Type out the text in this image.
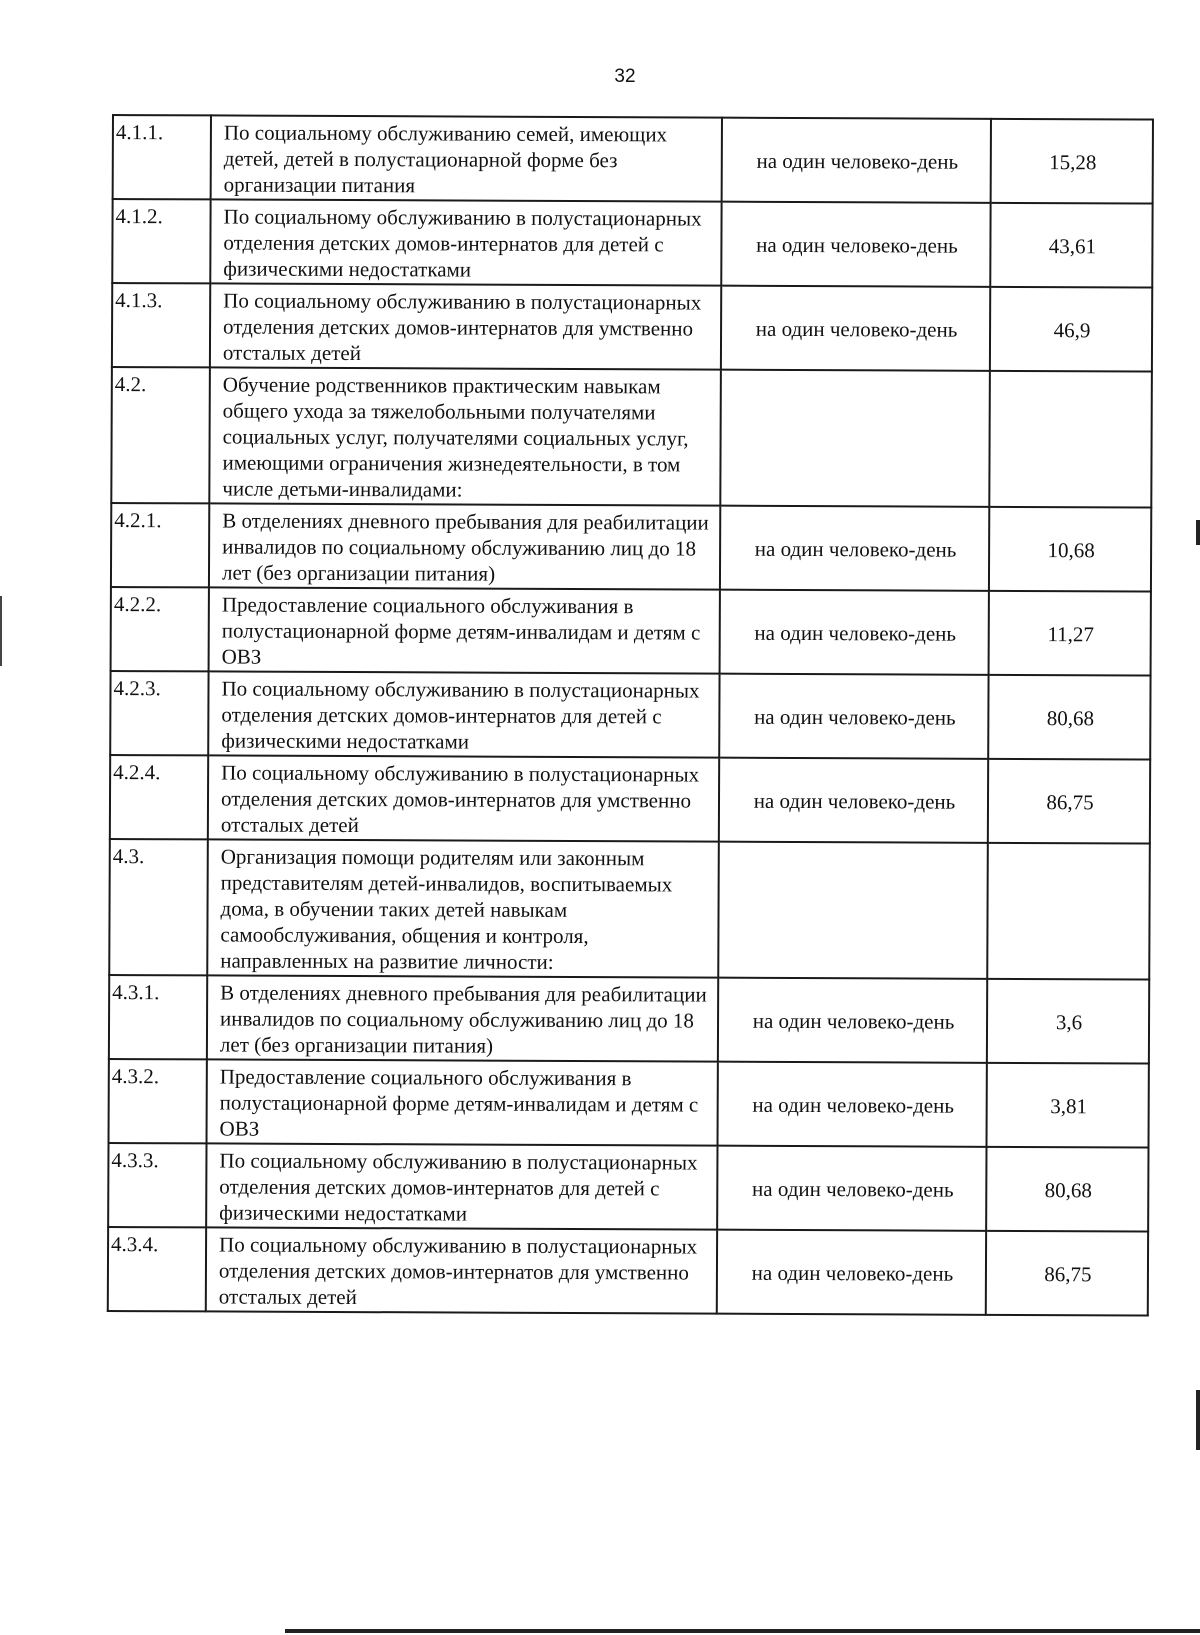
32
4.1.1.	По социальному обслуживанию семей, имеющих детей, детей в полустационарной форме без организации питания	на один человеко-день	15,28
4.1.2.	По социальному обслуживанию в полустационарных отделения детских домов-интернатов для детей с физическими недостатками	на один человеко-день	43,61
4.1.3.	По социальному обслуживанию в полустационарных отделения детских домов-интернатов для умственно отсталых детей	на один человеко-день	46,9
4.2.	Обучение родственников практическим навыкам общего ухода за тяжелобольными получателями социальных услуг, получателями социальных услуг, имеющими ограничения жизнедеятельности, в том числе детьми-инвалидами:		
4.2.1.	В отделениях дневного пребывания для реабилитации инвалидов по социальному обслуживанию лиц до 18 лет (без организации питания)	на один человеко-день	10,68
4.2.2.	Предоставление социального обслуживания в полустационарной форме детям-инвалидам и детям с ОВЗ	на один человеко-день	11,27
4.2.3.	По социальному обслуживанию в полустационарных отделения детских домов-интернатов для детей с физическими недостатками	на один человеко-день	80,68
4.2.4.	По социальному обслуживанию в полустационарных отделения детских домов-интернатов для умственно отсталых детей	на один человеко-день	86,75
4.3.	Организация помощи родителям или законным представителям детей-инвалидов, воспитываемых дома, в обучении таких детей навыкам самообслуживания, общения и контроля, направленных на развитие личности:		
4.3.1.	В отделениях дневного пребывания для реабилитации инвалидов по социальному обслуживанию лиц до 18 лет (без организации питания)	на один человеко-день	3,6
4.3.2.	Предоставление социального обслуживания в полустационарной форме детям-инвалидам и детям с ОВЗ	на один человеко-день	3,81
4.3.3.	По социальному обслуживанию в полустационарных отделения детских домов-интернатов для детей с физическими недостатками	на один человеко-день	80,68
4.3.4.	По социальному обслуживанию в полустационарных отделения детских домов-интернатов для умственно отсталых детей	на один человеко-день	86,75
